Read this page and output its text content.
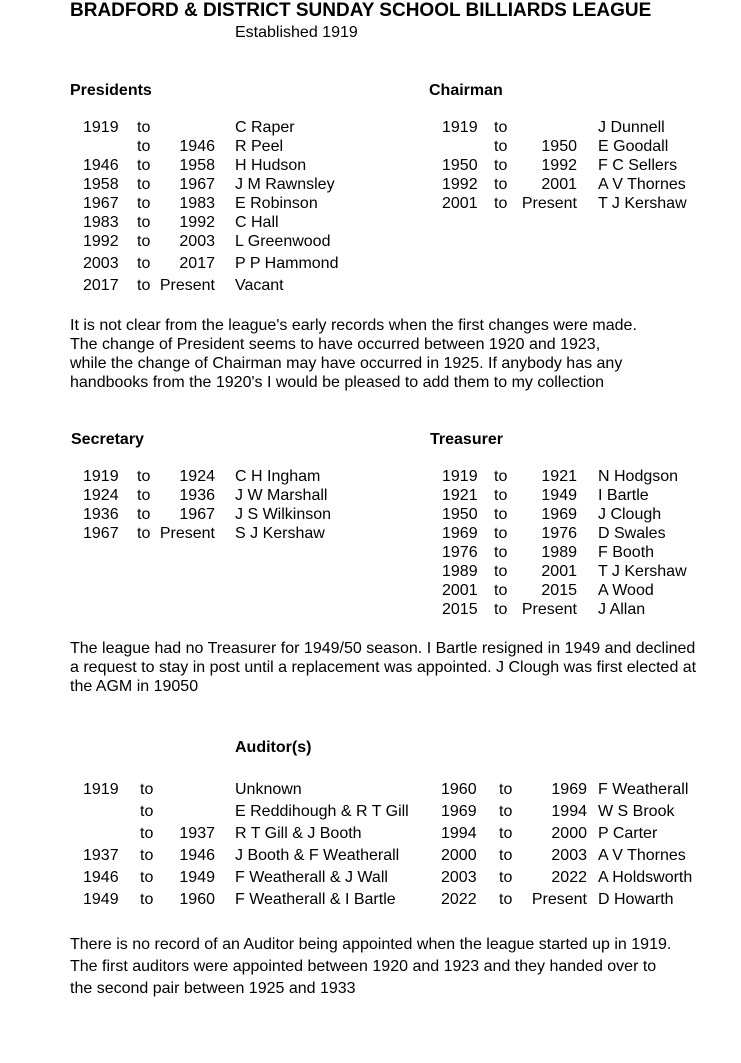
BRADFORD & DISTRICT SUNDAY SCHOOL BILLIARDS LEAGUE
Established 1919
Presidents	Chairman
1919 to	C Raper
to 1946 R Peel
1946 to 1958 H Hudson
1958 to 1967 J M Rawnsley
1967 to 1983 E Robinson
1983 to 1992 C Hall
1992 to 2003 L Greenwood
2003 to 2017 P P Hammond
2017 to Present Vacant
1919 to	J Dunnell
to 1950 E Goodall
1950 to 1992 F C Sellers
1992 to 2001 A V Thornes
2001 to Present T J Kershaw
It is not clear from the league's early records when the first changes were made.
The change of President seems to have occurred between 1920 and 1923,
while the change of Chairman may have occurred in 1925. If anybody has any
handbooks from the 1920's I would be pleased to add them to my collection
Secretary	Treasurer
1919 to 1924 C H Ingham
1924 to 1936 J W Marshall
1936 to 1967 J S Wilkinson
1967 to Present S J Kershaw
1919 to 1921 N Hodgson
1921 to 1949 I Bartle
1950 to 1969 J Clough
1969 to 1976 D Swales
1976 to 1989 F Booth
1989 to 2001 T J Kershaw
2001 to 2015 A Wood
2015 to Present J Allan
The league had no Treasurer for 1949/50 season. I Bartle resigned in 1949 and declined
a request to stay in post until a replacement was appointed. J Clough was first elected at
the AGM in 19050
Auditor(s)
1919 to	Unknown
to	E Reddihough & R T Gill
to 1937 R T Gill & J Booth
1937 to 1946 J Booth & F Weatherall
1946 to 1949 F Weatherall & J Wall
1949 to 1960 F Weatherall & I Bartle
1960 to 1969 F Weatherall
1969 to 1994 W S Brook
1994 to 2000 P Carter
2000 to 2003 A V Thornes
2003 to 2022 A Holdsworth
2022 to Present D Howarth
There is no record of an Auditor being appointed when the league started up in 1919.
The first auditors were appointed between 1920 and 1923 and they handed over to
the second pair between 1925 and 1933
